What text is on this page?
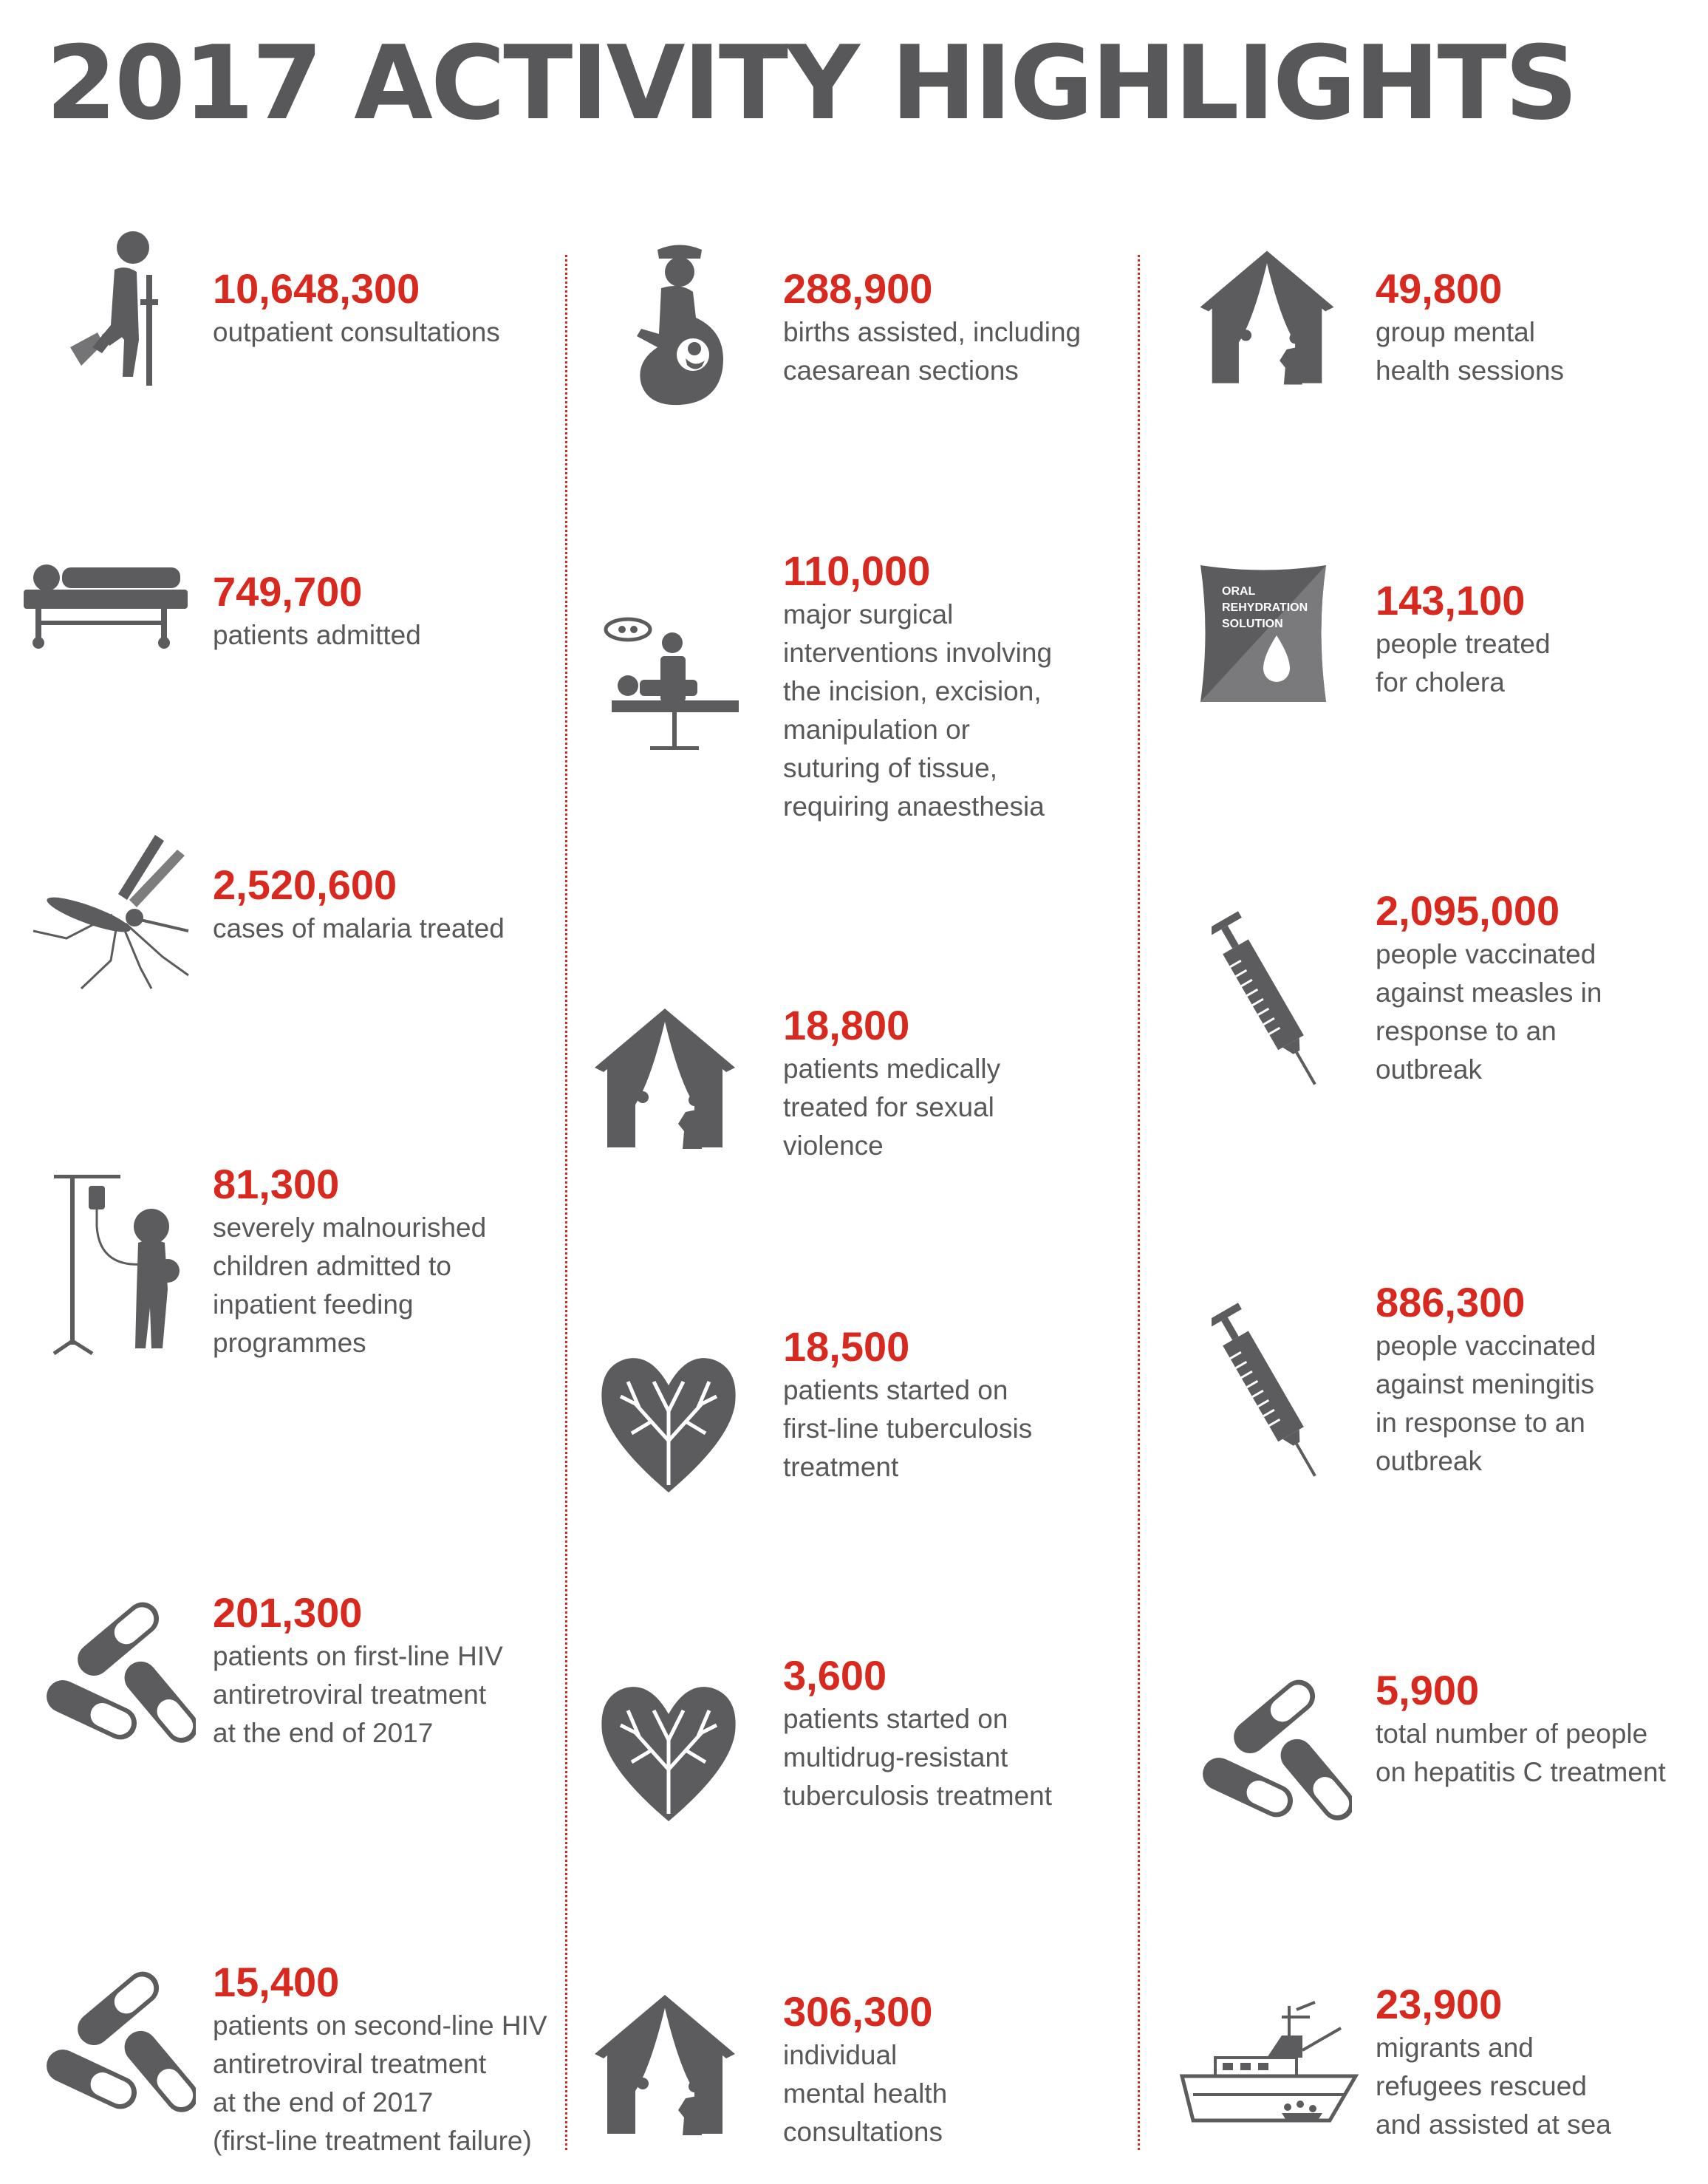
2017 ACTIVITY HIGHLIGHTS
10,648,300
outpatient consultations
749,700
patients admitted
2,520,600
cases of malaria treated
81,300
severely malnourished
children admitted to
inpatient feeding
programmes
201,300
patients on first-line HIV
antiretroviral treatment
at the end of 2017
15,400
patients on second-line HIV
antiretroviral treatment
at the end of 2017
(first-line treatment failure)
288,900
births assisted, including
caesarean sections
110,000
major surgical
interventions involving
the incision, excision,
manipulation or
suturing of tissue,
requiring anaesthesia
18,800
patients medically
treated for sexual
violence
18,500
patients started on
first-line tuberculosis
treatment
3,600
patients started on
multidrug-resistant
tuberculosis treatment
306,300
individual
mental health
consultations
49,800
group mental
health sessions
ORAL
REHYDRATION
SOLUTION
143,100
people treated
for cholera
2,095,000
people vaccinated
against measles in
response to an
outbreak
886,300
people vaccinated
against meningitis
in response to an
outbreak
5,900
total number of people
on hepatitis C treatment
23,900
migrants and
refugees rescued
and assisted at sea
